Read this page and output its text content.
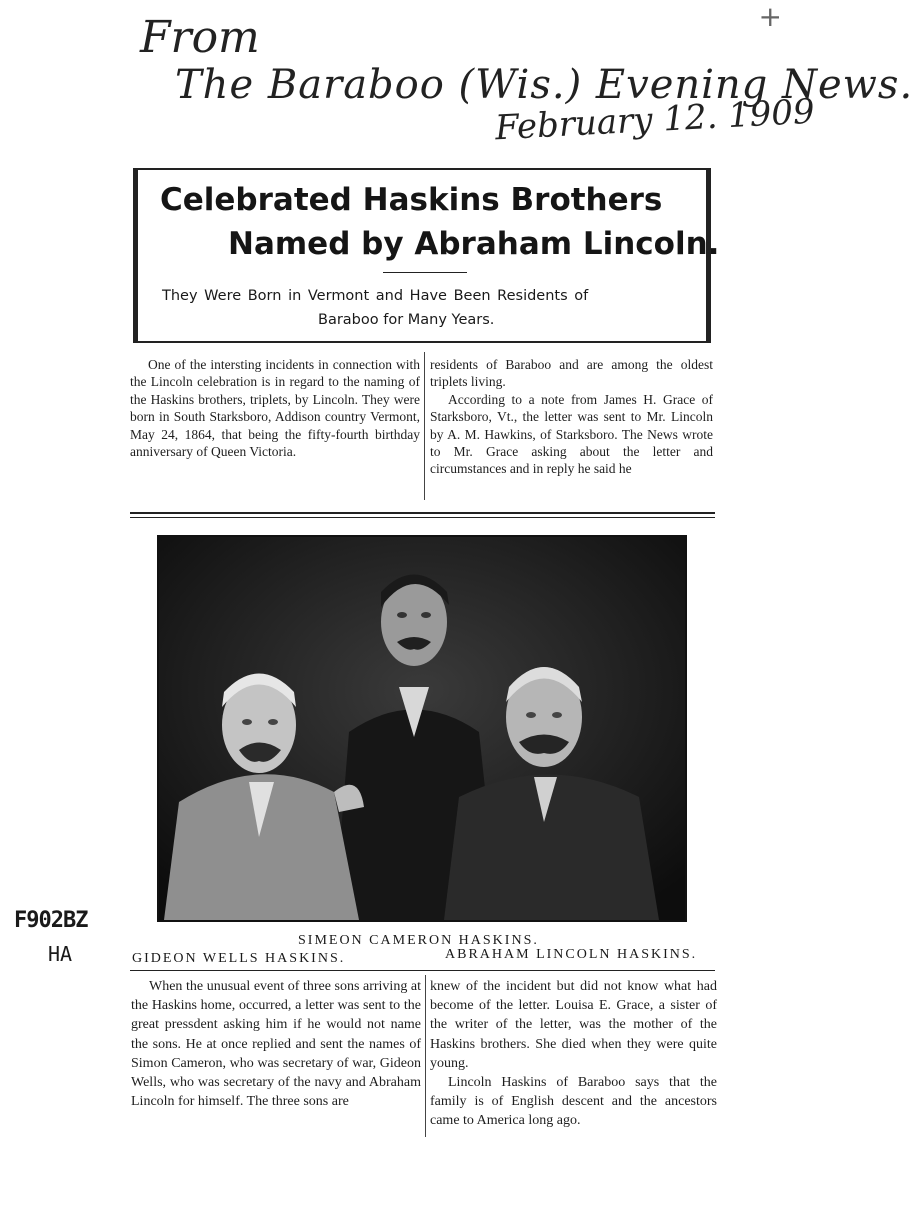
From
The Baraboo (Wis.) Evening News.
February 12. 1909
+
Celebrated Haskins Brothers
Named by Abraham Lincoln.
They Were Born in Vermont and Have Been Residents of
Baraboo for Many Years.

One of the intersting incidents in connection with the Lincoln celebration is in regard to the naming of the Haskins brothers, triplets, by Lincoln. They were born in South Starksboro, Addison country Vermont, May 24, 1864, that being the fifty-fourth birthday anniversary of Queen Victoria.

residents of Baraboo and are among the oldest triplets living.

According to a note from James H. Grace of Starksboro, Vt., the letter was sent to Mr. Lincoln by A. M. Hawkins, of Starksboro. The News wrote to Mr. Grace asking about the letter and circumstances and in reply he said he

SIMEON CAMERON HASKINS.
GIDEON WELLS HASKINS.	ABRAHAM LINCOLN HASKINS.

When the unusual event of three sons arriving at the Haskins home, occurred, a letter was sent to the great pressdent asking him if he would not name the sons. He at once replied and sent the names of Simon Cameron, who was secretary of war, Gideon Wells, who was secretary of the navy and Abraham Lincoln for himself. The three sons are

knew of the incident but did not know what had become of the letter. Louisa E. Grace, a sister of the writer of the letter, was the mother of the Haskins brothers. She died when they were quite young.

Lincoln Haskins of Baraboo says that the family is of English descent and the ancestors came to America long ago.

F902BZ
HA
